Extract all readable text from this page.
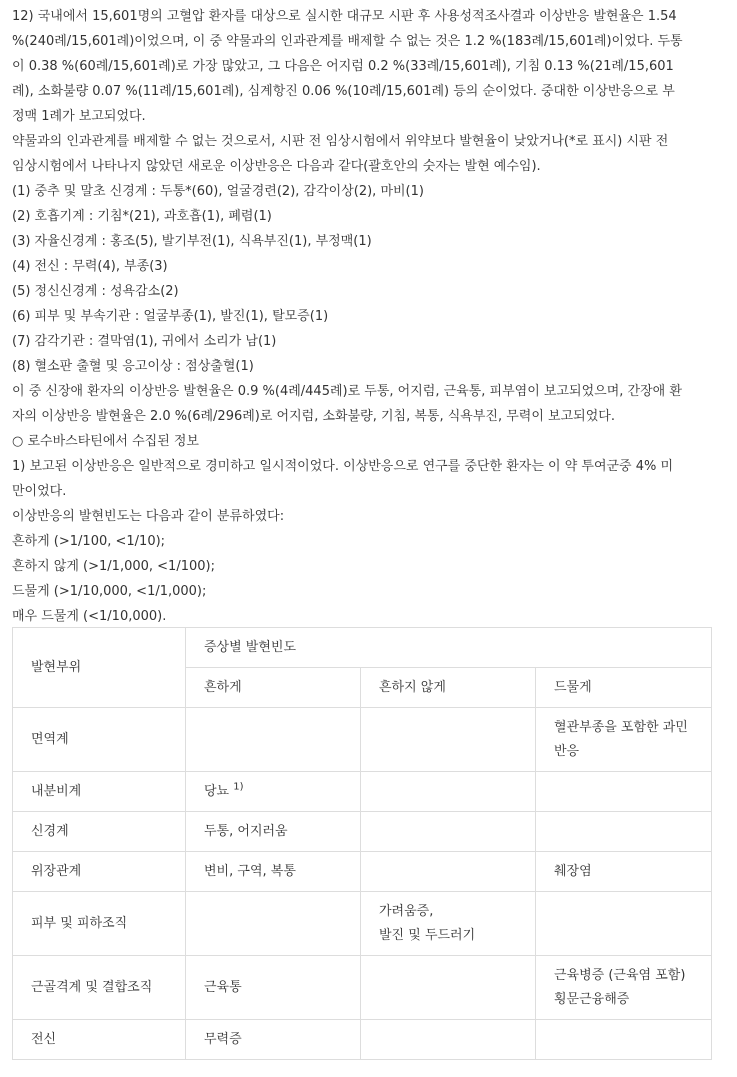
12) 국내에서 15,601명의 고혈압 환자를 대상으로 실시한 대규모 시판 후 사용성적조사결과 이상반응 발현율은 1.54

%(240례/15,601례)이었으며, 이 중 약물과의 인과관계를 배제할 수 없는 것은 1.2 %(183례/15,601례)이었다. 두통

이 0.38 %(60례/15,601례)로 가장 많았고, 그 다음은 어지럼 0.2 %(33례/15,601례), 기침 0.13 %(21례/15,601

례), 소화불량 0.07 %(11례/15,601례), 심계항진 0.06 %(10례/15,601례) 등의 순이었다. 중대한 이상반응으로 부

정맥 1례가 보고되었다.

약물과의 인과관계를 배제할 수 없는 것으로서, 시판 전 임상시험에서 위약보다 발현율이 낮았거나(*로 표시) 시판 전

임상시험에서 나타나지 않았던 새로운 이상반응은 다음과 같다(괄호안의 숫자는 발현 예수임).

(1) 중추 및 말초 신경계 : 두통*(60), 얼굴경련(2), 감각이상(2), 마비(1)

(2) 호흡기계 : 기침*(21), 과호흡(1), 폐렴(1)

(3) 자율신경계 : 홍조(5), 발기부전(1), 식욕부진(1), 부정맥(1)

(4) 전신 : 무력(4), 부종(3)

(5) 정신신경계 : 성욕감소(2)

(6) 피부 및 부속기관 : 얼굴부종(1), 발진(1), 탈모증(1)

(7) 감각기관 : 결막염(1), 귀에서 소리가 남(1)

(8) 혈소판 출혈 및 응고이상 : 점상출혈(1)

이 중 신장애 환자의 이상반응 발현율은 0.9 %(4례/445례)로 두통, 어지럼, 근육통, 피부염이 보고되었으며, 간장애 환

자의 이상반응 발현율은 2.0 %(6례/296례)로 어지럼, 소화불량, 기침, 복통, 식욕부진, 무력이 보고되었다.

○ 로수바스타틴에서 수집된 정보

1) 보고된 이상반응은 일반적으로 경미하고 일시적이었다. 이상반응으로 연구를 중단한 환자는 이 약 투여군중 4% 미

만이었다.

이상반응의 발현빈도는 다음과 같이 분류하였다:

흔하게 (>1/100, <1/10);

흔하지 않게 (>1/1,000, <1/100);

드물게 (>1/10,000, <1/1,000);

매우 드물게 (<1/10,000).

발현부위	증상별 발현빈도		
	흔하게	흔하지 않게	드물게
면역계			혈관부종을 포함한 과민
반응
내분비계	당뇨 $^{1)}$		
신경계	두통, 어지러움		
위장관계	변비, 구역, 복통		췌장염
피부 및 피하조직		가려움증,
발진 및 두드러기	
근골격계 및 결합조직	근육통		근육병증 (근육염 포함)
횡문근융해증
전신	무력증		
